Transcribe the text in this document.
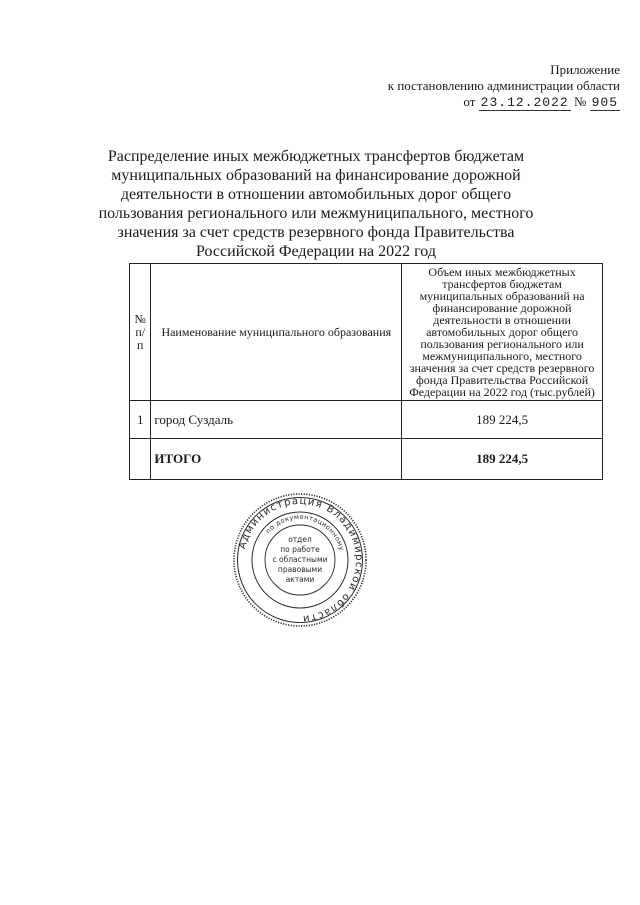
Приложение
к постановлению администрации области
от 23.12.2022 № 905
Распределение иных межбюджетных трансфертов бюджетам муниципальных образований на финансирование дорожной деятельности в отношении автомобильных дорог общего пользования регионального или межмуниципального, местного значения за счет средств резервного фонда Правительства Российской Федерации на 2022 год
№ п/п	Наименование муниципального образования	Объем иных межбюджетных трансфертов бюджетам муниципальных образований на финансирование дорожной деятельности в отношении автомобильных дорог общего пользования регионального или межмуниципального, местного значения за счет средств резервного фонда Правительства Российской Федерации на 2022 год (тыс.рублей)
1	город Суздаль	189 224,5
	ИТОГО	189 224,5
Администрация Владимирской области
по документационному
отдел
по работе
с областными
правовыми
актами
